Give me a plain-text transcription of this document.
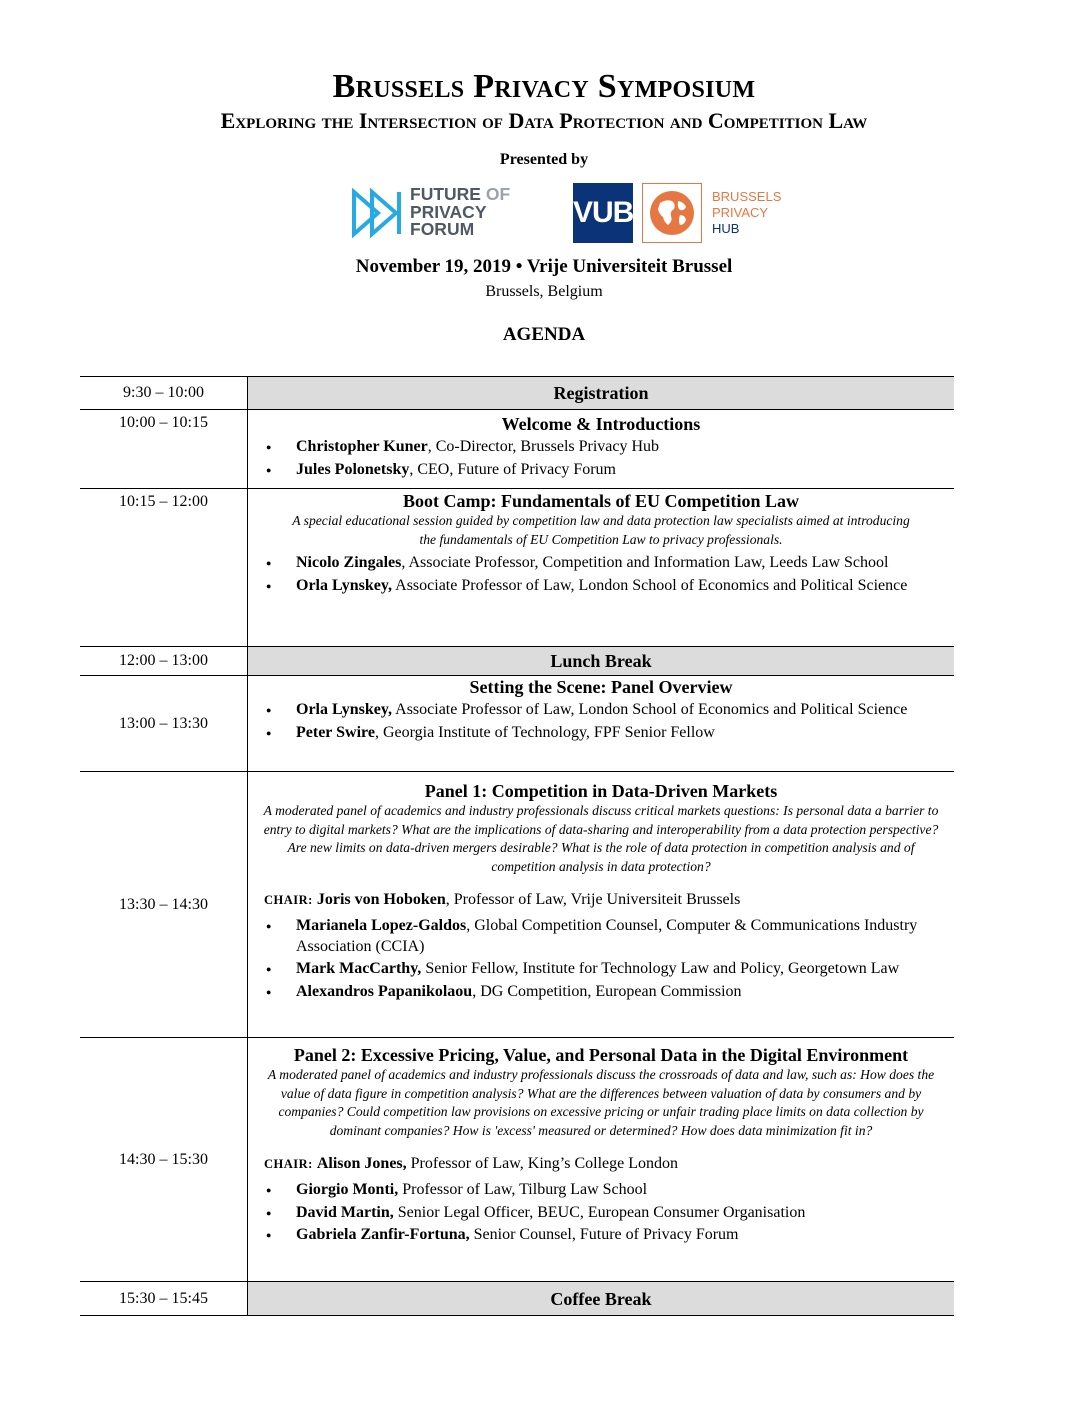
Brussels Privacy Symposium
Exploring the Intersection of Data Protection and Competition Law
Presented by
FUTURE OF
PRIVACY
FORUM	VUB	BRUSSELS
PRIVACY
HUB
November 19, 2019 • Vrije Universiteit Brussel
Brussels, Belgium
AGENDA
9:30 – 10:00	Registration
10:00 – 10:15	Welcome & Introductions
● Christopher Kuner, Co-Director, Brussels Privacy Hub
● Jules Polonetsky, CEO, Future of Privacy Forum
10:15 – 12:00	Boot Camp: Fundamentals of EU Competition Law
A special educational session guided by competition law and data protection law specialists aimed at introducing the fundamentals of EU Competition Law to privacy professionals.
● Nicolo Zingales, Associate Professor, Competition and Information Law, Leeds Law School
● Orla Lynskey, Associate Professor of Law, London School of Economics and Political Science
12:00 – 13:00	Lunch Break
13:00 – 13:30
Setting the Scene: Panel Overview
● Orla Lynskey, Associate Professor of Law, London School of Economics and Political Science
● Peter Swire, Georgia Institute of Technology, FPF Senior Fellow
13:30 – 14:30
Panel 1: Competition in Data-Driven Markets
A moderated panel of academics and industry professionals discuss critical markets questions: Is personal data a barrier to entry to digital markets? What are the implications of data-sharing and interoperability from a data protection perspective? Are new limits on data-driven mergers desirable? What is the role of data protection in competition analysis and of competition analysis in data protection?
CHAIR: Joris von Hoboken, Professor of Law, Vrije Universiteit Brussels
● Marianela Lopez-Galdos, Global Competition Counsel, Computer & Communications Industry Association (CCIA)
● Mark MacCarthy, Senior Fellow, Institute for Technology Law and Policy, Georgetown Law
● Alexandros Papanikolaou, DG Competition, European Commission
14:30 – 15:30
Panel 2: Excessive Pricing, Value, and Personal Data in the Digital Environment
A moderated panel of academics and industry professionals discuss the crossroads of data and law, such as: How does the value of data figure in competition analysis? What are the differences between valuation of data by consumers and by companies? Could competition law provisions on excessive pricing or unfair trading place limits on data collection by dominant companies? How is 'excess' measured or determined? How does data minimization fit in?
CHAIR: Alison Jones, Professor of Law, King’s College London
● Giorgio Monti, Professor of Law, Tilburg Law School
● David Martin, Senior Legal Officer, BEUC, European Consumer Organisation
● Gabriela Zanfir-Fortuna, Senior Counsel, Future of Privacy Forum
15:30 – 15:45	Coffee Break
